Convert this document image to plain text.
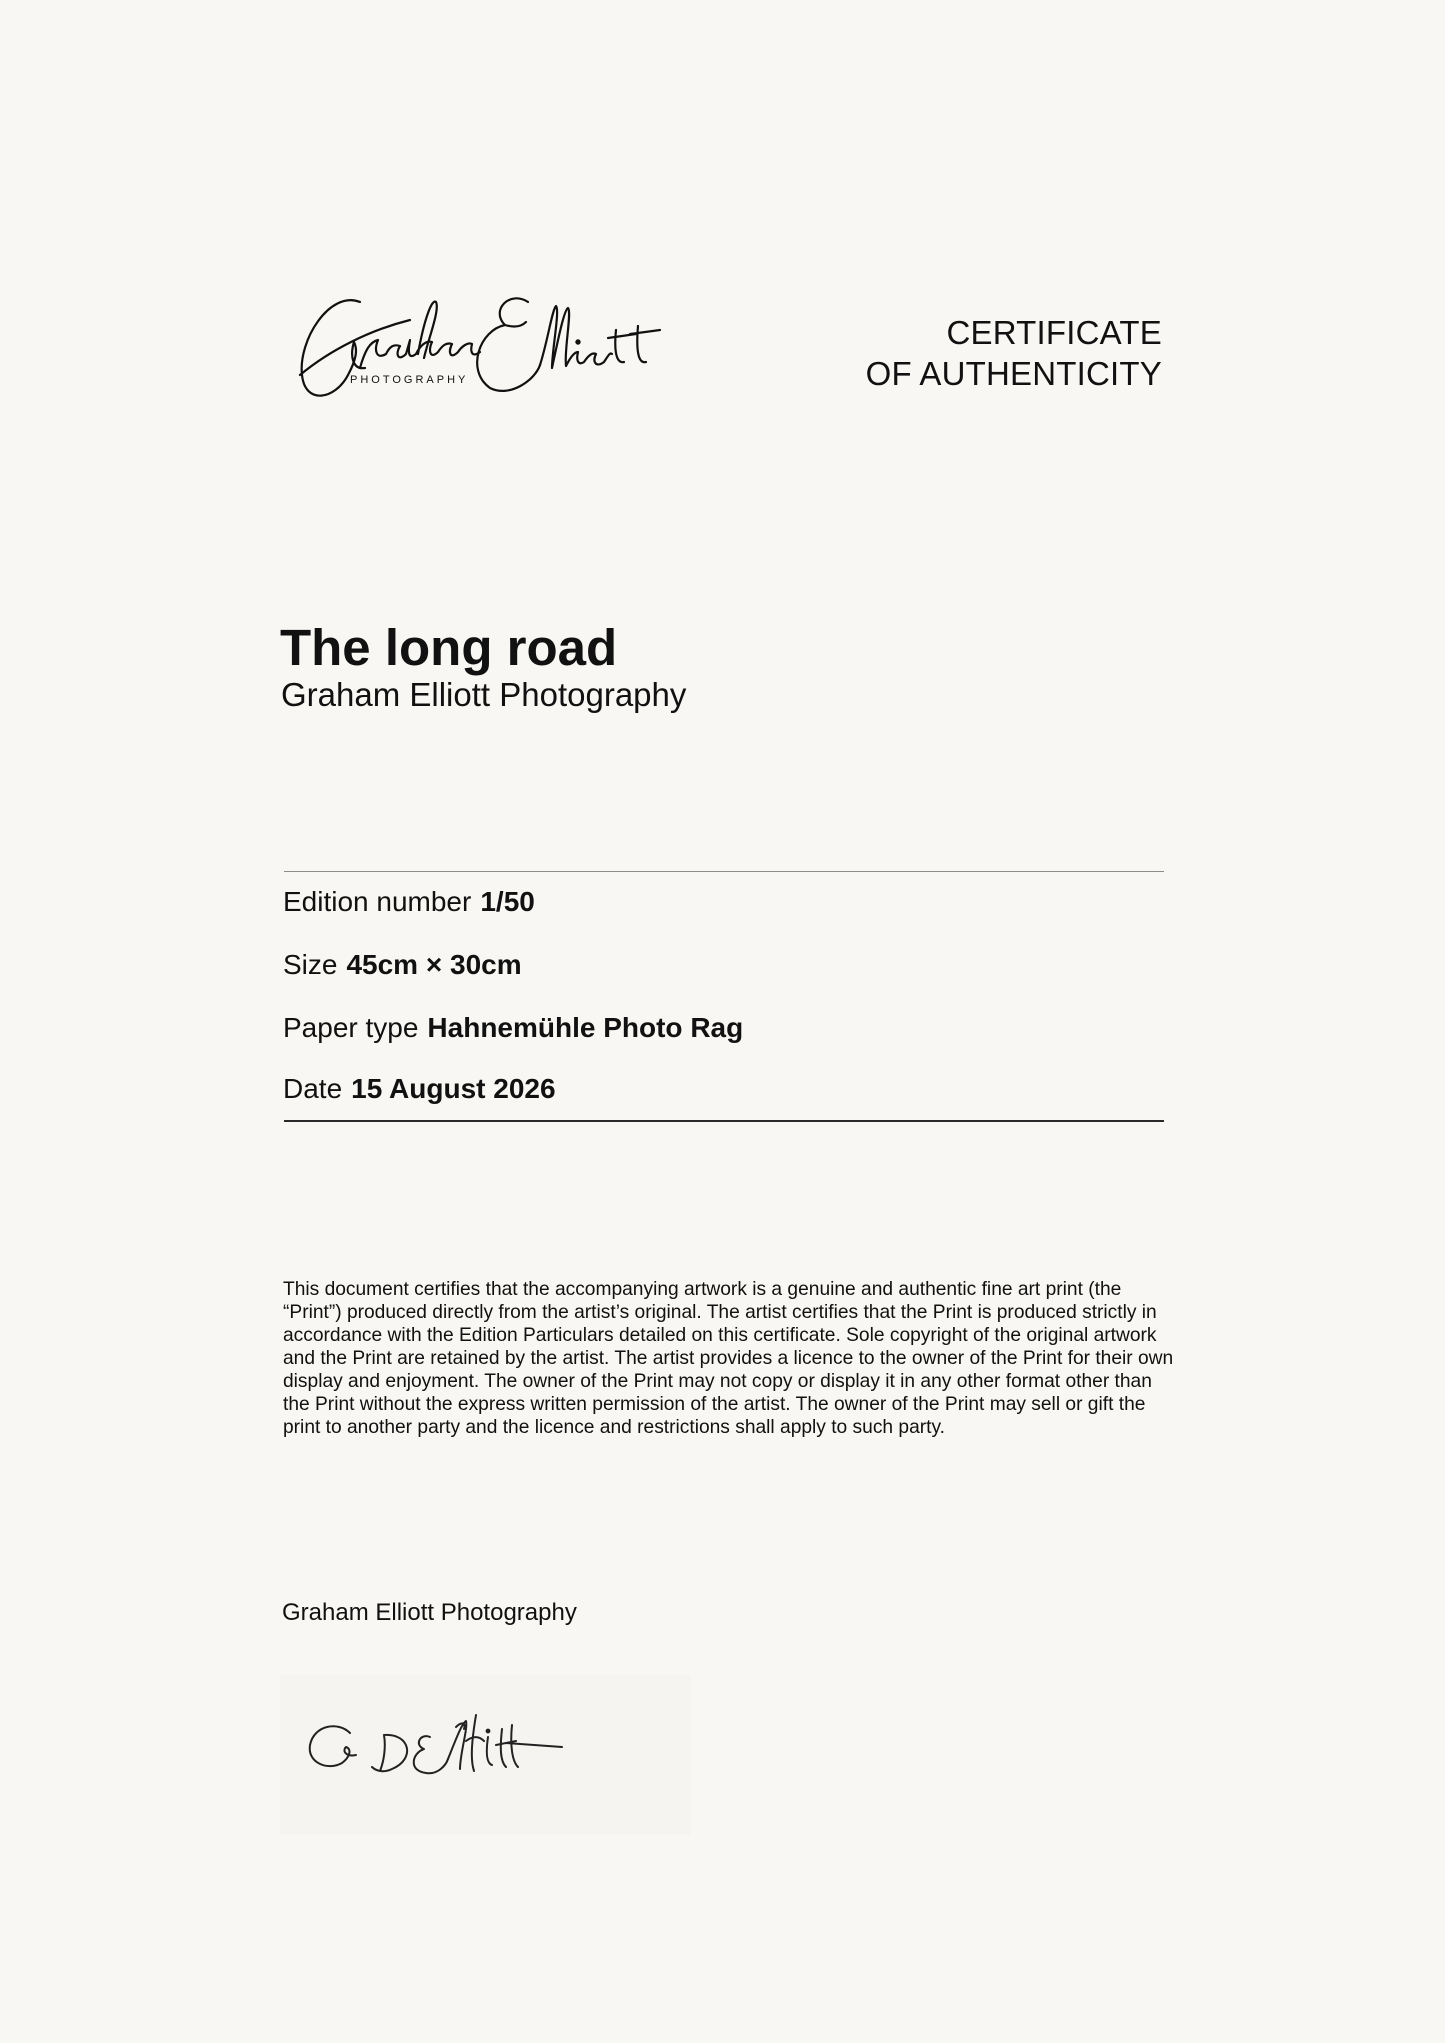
PHOTOGRAPHY
CERTIFICATE
OF AUTHENTICITY
The long road
Graham Elliott Photography
Edition number 1/50
Size 45cm × 30cm
Paper type Hahnemühle Photo Rag
Date 15 August 2026
This document certifies that the accompanying artwork is a genuine and authentic fine art print (the “Print”) produced directly from the artist’s original. The artist certifies that the Print is produced strictly in accordance with the Edition Particulars detailed on this certificate. Sole copyright of the original artwork and the Print are retained by the artist. The artist provides a licence to the owner of the Print for their own display and enjoyment. The owner of the Print may not copy or display it in any other format other than the Print without the express written permission of the artist. The owner of the Print may sell or gift the print to another party and the licence and restrictions shall apply to such party.
Graham Elliott Photography
